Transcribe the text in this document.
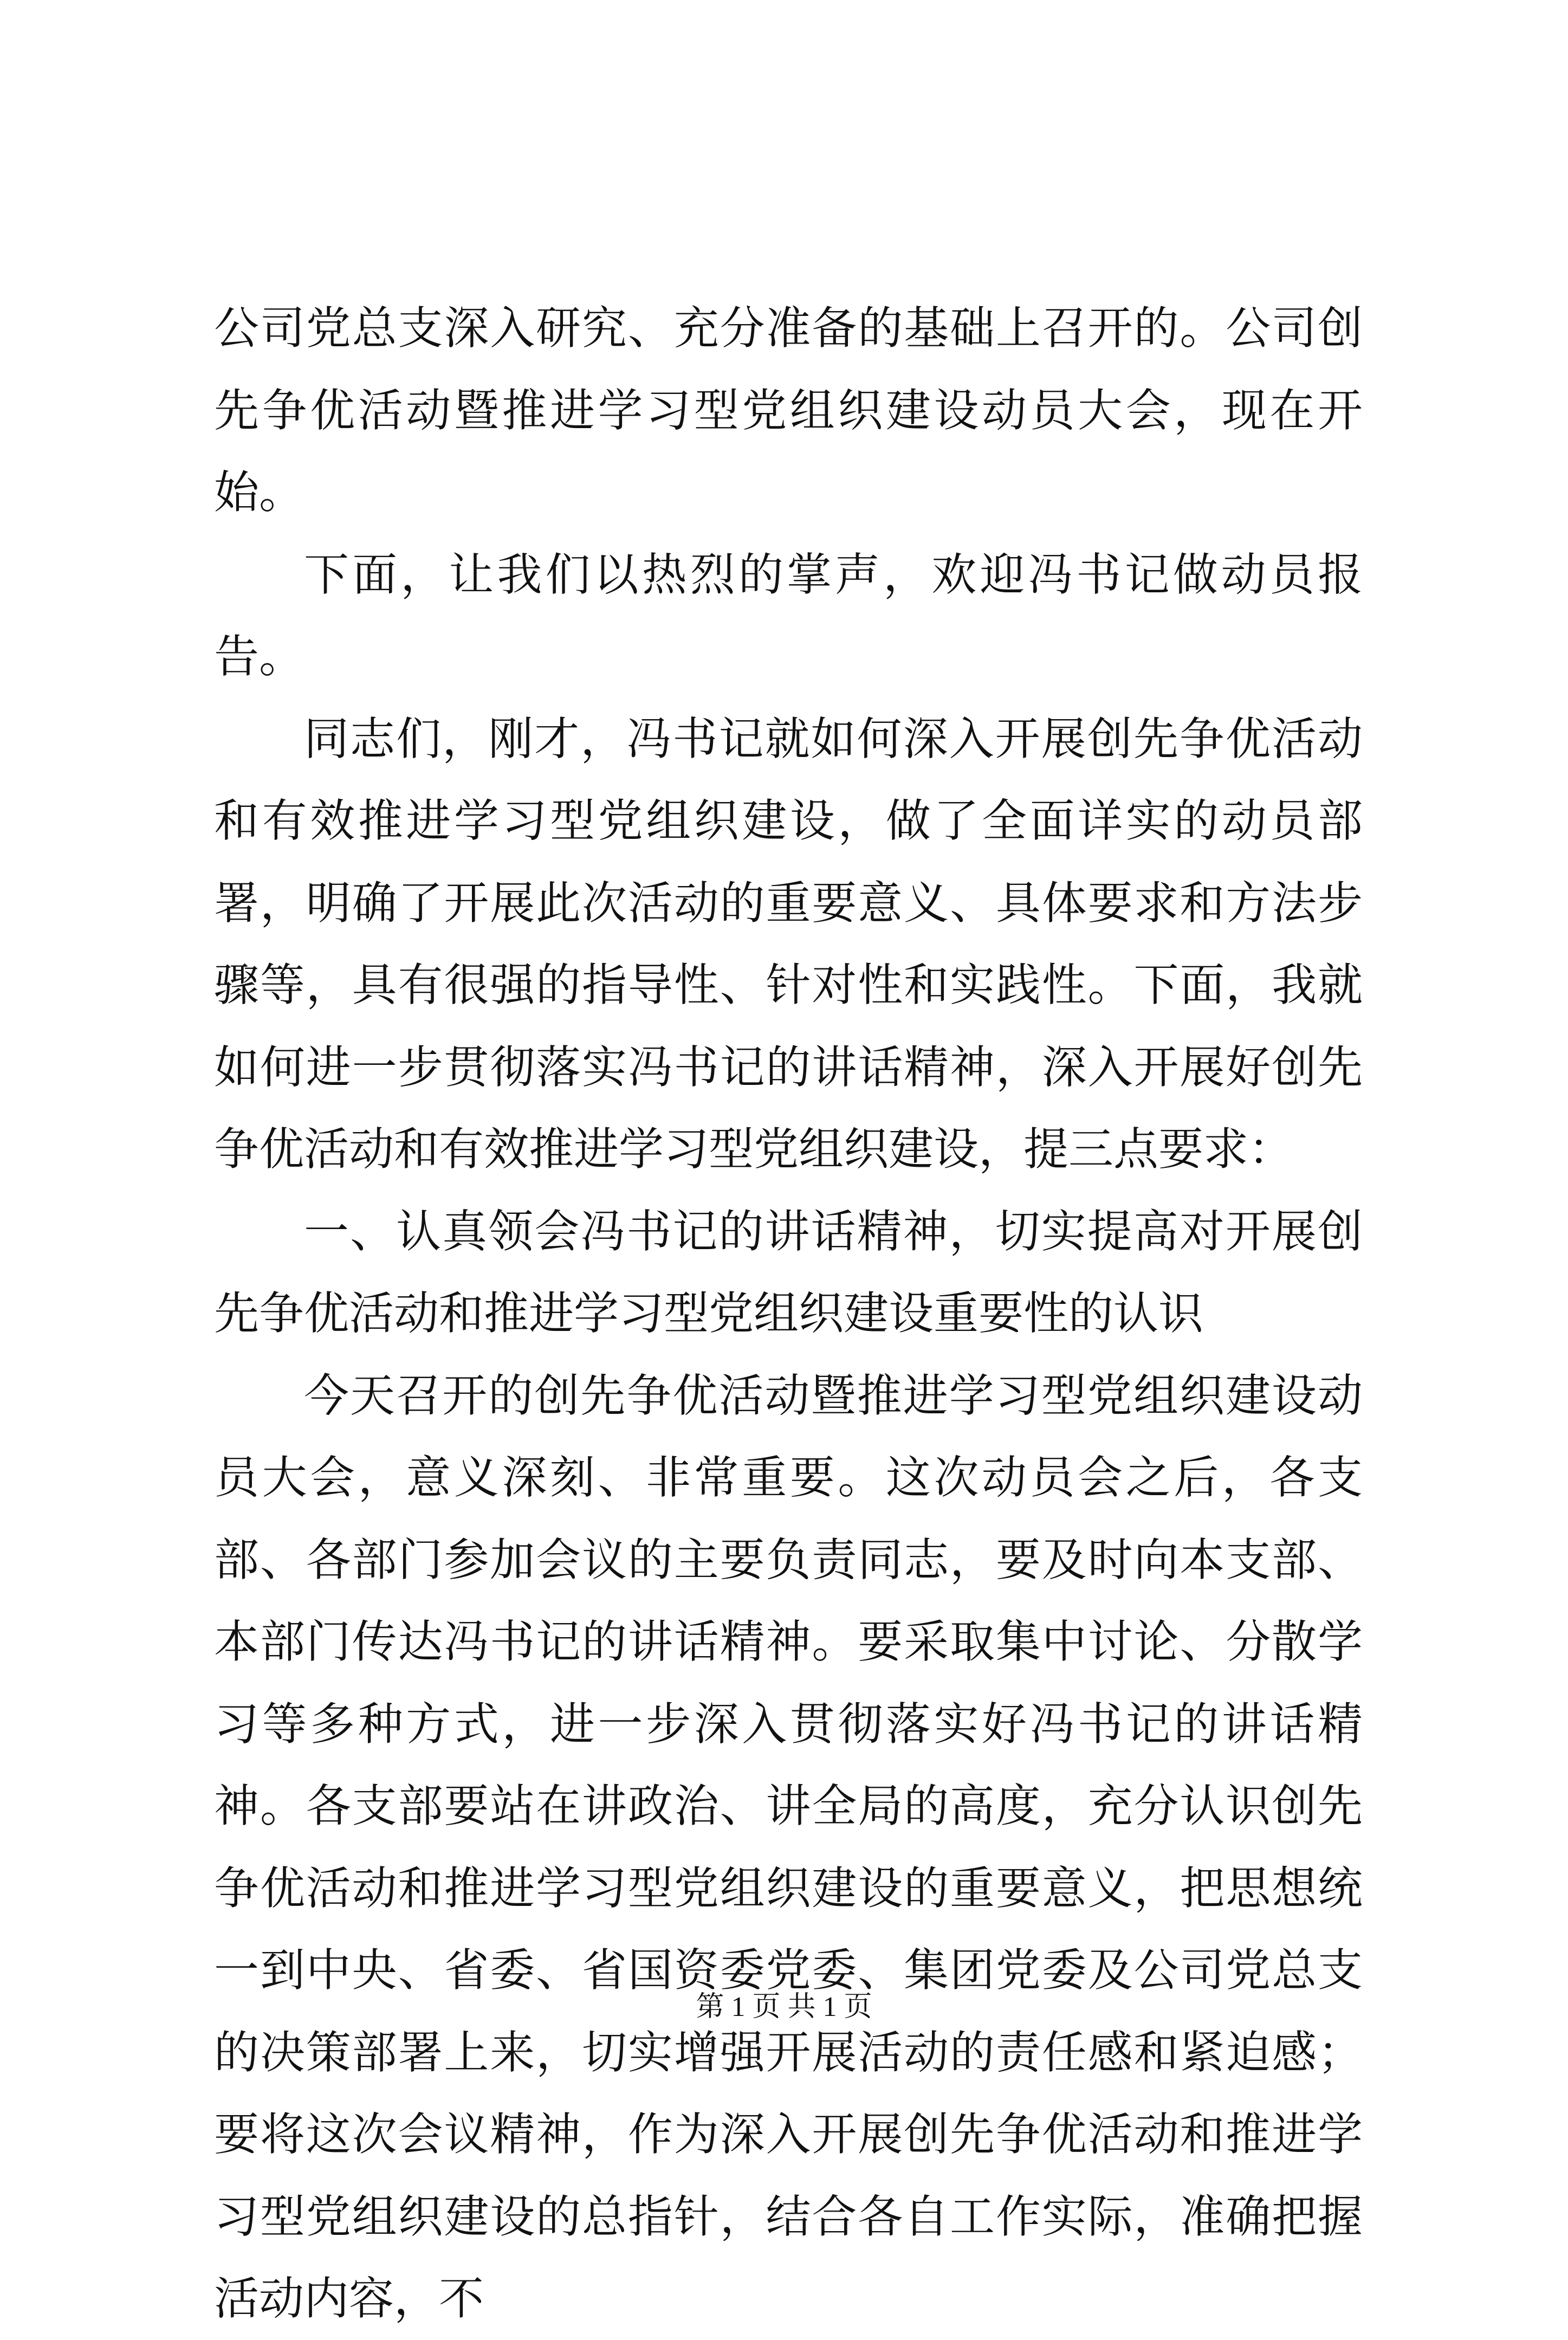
公司党总支深入研究、充分准备的基础上召开的。公司创先争优活动暨推进学习型党组织建设动员大会，现在开始。

下面，让我们以热烈的掌声，欢迎冯书记做动员报告。

同志们，刚才，冯书记就如何深入开展创先争优活动和有效推进学习型党组织建设，做了全面详实的动员部署，明确了开展此次活动的重要意义、具体要求和方法步骤等，具有很强的指导性、针对性和实践性。下面，我就如何进一步贯彻落实冯书记的讲话精神，深入开展好创先争优活动和有效推进学习型党组织建设，提三点要求：

一、认真领会冯书记的讲话精神，切实提高对开展创先争优活动和推进学习型党组织建设重要性的认识

今天召开的创先争优活动暨推进学习型党组织建设动员大会，意义深刻、非常重要。这次动员会之后，各支部、各部门参加会议的主要负责同志，要及时向本支部、本部门传达冯书记的讲话精神。要采取集中讨论、分散学习等多种方式，进一步深入贯彻落实好冯书记的讲话精神。各支部要站在讲政治、讲全局的高度，充分认识创先争优活动和推进学习型党组织建设的重要意义，把思想统一到中央、省委、省国资委党委、集团党委及公司党总支的决策部署上来，切实增强开展活动的责任感和紧迫感；要将这次会议精神，作为深入开展创先争优活动和推进学习型党组织建设的总指针，结合各自工作实际，准确把握活动内容，不

第 1 页 共 1 页
